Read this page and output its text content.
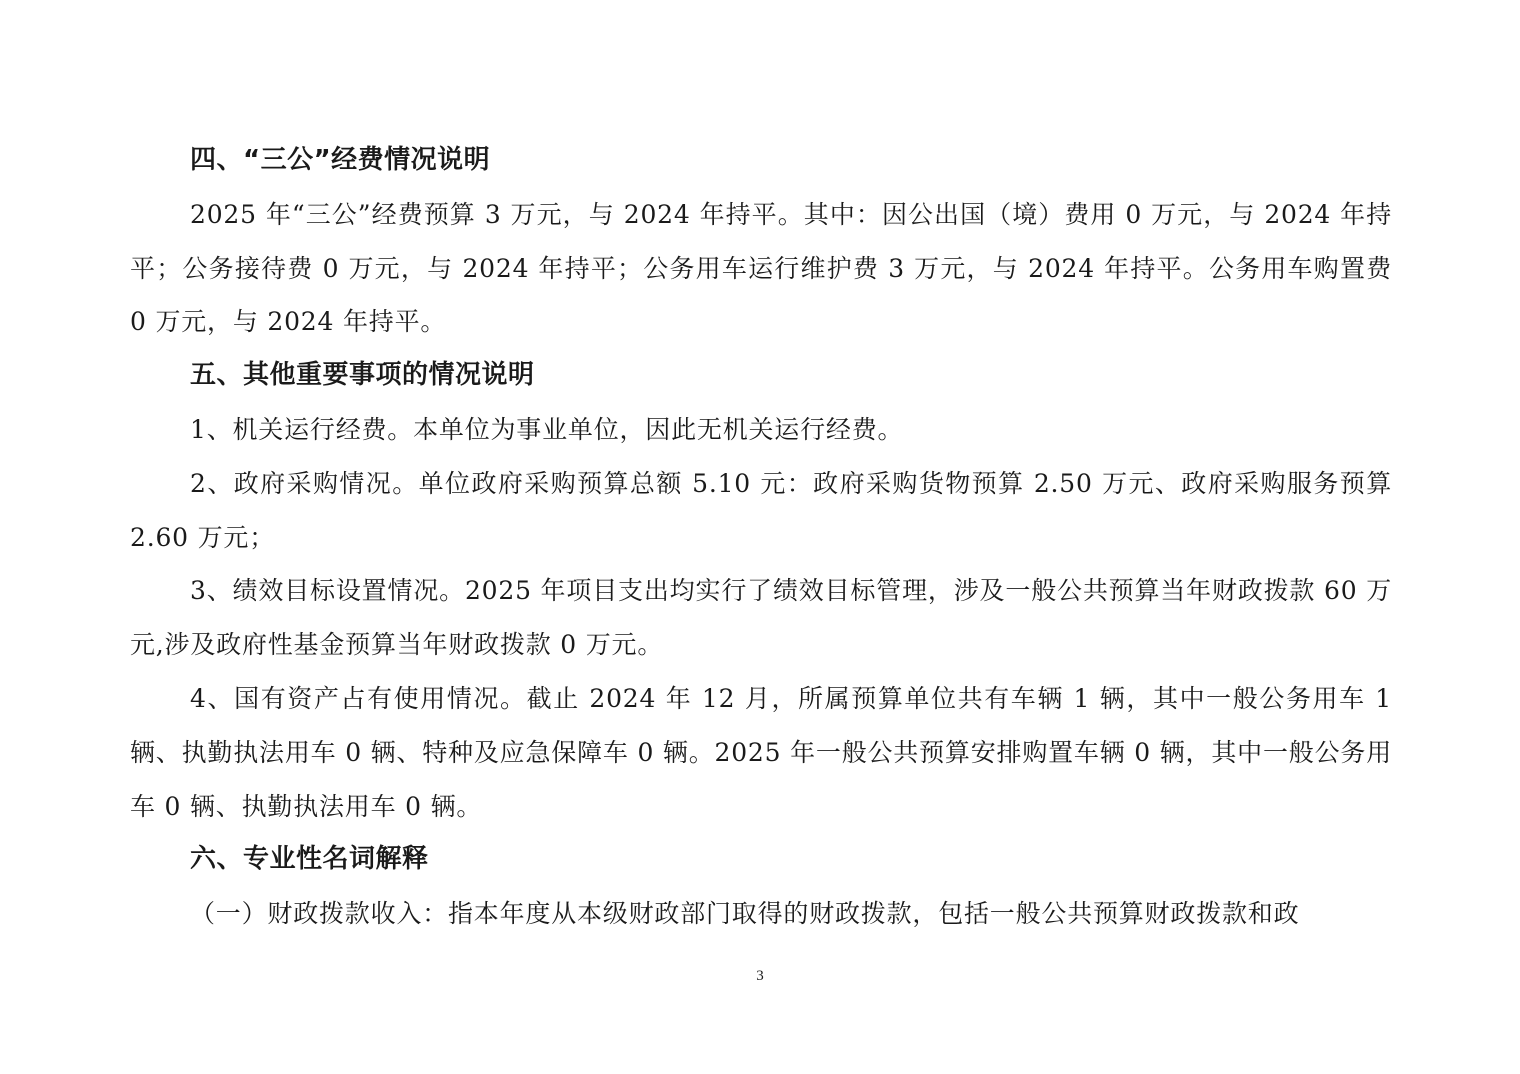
四、“三公”经费情况说明

2025 年“三公”经费预算 3 万元，与 2024 年持平。其中：因公出国（境）费用 0 万元，与 2024 年持平；公务接待费 0 万元，与 2024 年持平；公务用车运行维护费 3 万元，与 2024 年持平。公务用车购置费 0 万元，与 2024 年持平。

五、其他重要事项的情况说明

1、机关运行经费。本单位为事业单位，因此无机关运行经费。

2、政府采购情况。单位政府采购预算总额 5.10 元：政府采购货物预算 2.50 万元、政府采购服务预算 2.60 万元；

3、绩效目标设置情况。2025 年项目支出均实行了绩效目标管理，涉及一般公共预算当年财政拨款 60 万元,涉及政府性基金预算当年财政拨款 0 万元。

4、国有资产占有使用情况。截止 2024 年 12 月，所属预算单位共有车辆 1 辆，其中一般公务用车 1 辆、执勤执法用车 0 辆、特种及应急保障车 0 辆。2025 年一般公共预算安排购置车辆 0 辆，其中一般公务用车 0 辆、执勤执法用车 0 辆。

六、专业性名词解释

（一）财政拨款收入：指本年度从本级财政部门取得的财政拨款，包括一般公共预算财政拨款和政

3
